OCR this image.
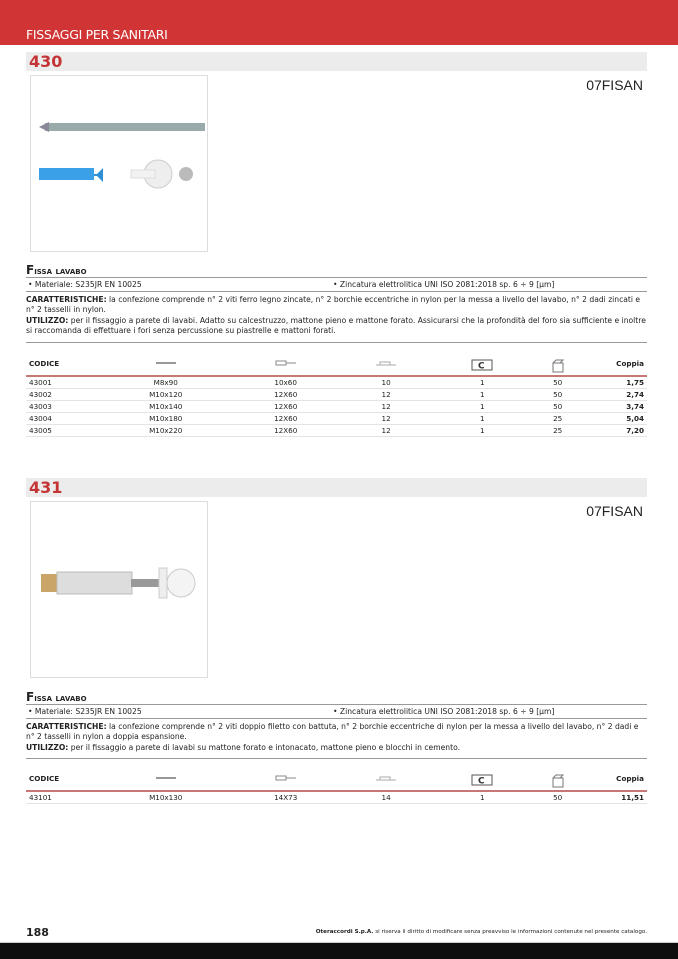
FISSAGGI PER SANITARI
430
07FISAN
Fissa lavabo
• Materiale: S235JR EN 10025	• Zincatura elettrolitica UNI ISO 2081:2018 sp. 6 ÷ 9 [µm]
CARATTERISTICHE: la confezione comprende n° 2 viti ferro legno zincate, n° 2 borchie eccentriche in nylon per la messa a livello del lavabo, n° 2 dadi zincati e n° 2 tasselli in nylon.
UTILIZZO: per il fissaggio a parete di lavabi. Adatto su calcestruzzo, mattone pieno e mattone forato. Assicurarsi che la profondità del foro sia sufficiente e inoltre si raccomanda di effettuare i fori senza percussione su piastrelle e mattoni forati.
CODICE				C		Coppia
43001	M8x90	10x60	10	1	50	1,75
43002	M10x120	12X60	12	1	50	2,74
43003	M10x140	12X60	12	1	50	3,74
43004	M10x180	12X60	12	1	25	5,04
43005	M10x220	12X60	12	1	25	7,20
431
07FISAN
Fissa lavabo
• Materiale: S235JR EN 10025	• Zincatura elettrolitica UNI ISO 2081:2018 sp. 6 ÷ 9 [µm]
CARATTERISTICHE: la confezione comprende n° 2 viti doppio filetto con battuta, n° 2 borchie eccentriche di nylon per la messa a livello del lavabo, n° 2 dadi e n° 2 tasselli in nylon a doppia espansione.
UTILIZZO: per il fissaggio a parete di lavabi su mattone forato e intonacato, mattone pieno e blocchi in cemento.
CODICE				C		Coppia
43101	M10x130	14X73	14	1	50	11,51
188	Oteraccordi S.p.A. si riserva il diritto di modificare senza preavviso le informazioni contenute nel presente catalogo.
